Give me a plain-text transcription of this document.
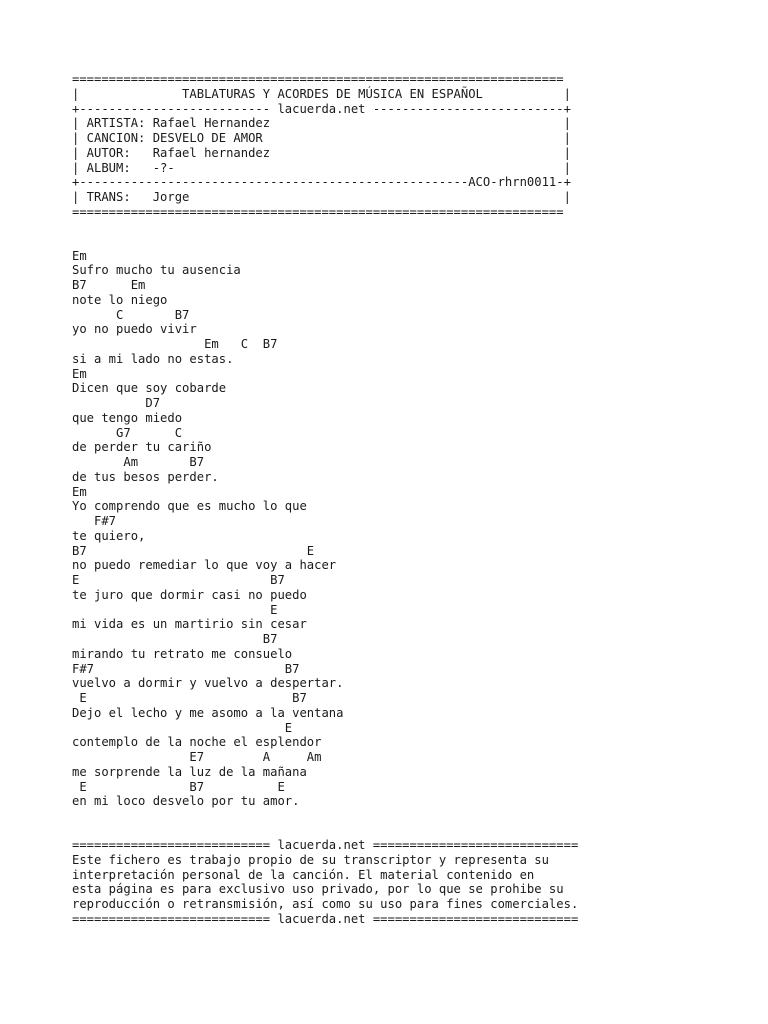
===================================================================
|              TABLATURAS Y ACORDES DE MÚSICA EN ESPAÑOL           |
+-------------------------- lacuerda.net --------------------------+
| ARTISTA: Rafael Hernandez                                        |
| CANCION: DESVELO DE AMOR                                         |
| AUTOR:   Rafael hernandez                                        |
| ALBUM:   -?-                                                     |
+-----------------------------------------------------ACO-rhrn0011-+
| TRANS:   Jorge                                                   |
===================================================================
Em
Sufro mucho tu ausencia
B7      Em
note lo niego
C       B7
yo no puedo vivir
Em   C  B7
si a mi lado no estas.
Em
Dicen que soy cobarde
D7
que tengo miedo
G7      C
de perder tu cariño
Am       B7
de tus besos perder.
Em
Yo comprendo que es mucho lo que
F#7
te quiero,
B7                              E
no puedo remediar lo que voy a hacer
E                          B7
te juro que dormir casi no puedo
E
mi vida es un martirio sin cesar
B7
mirando tu retrato me consuelo
F#7                          B7
vuelvo a dormir y vuelvo a despertar.
E                            B7
Dejo el lecho y me asomo a la ventana
E
contemplo de la noche el esplendor
E7        A     Am
me sorprende la luz de la mañana
E              B7          E
en mi loco desvelo por tu amor.
=========================== lacuerda.net ============================
Este fichero es trabajo propio de su transcriptor y representa su
interpretación personal de la canción. El material contenido en
esta página es para exclusivo uso privado, por lo que se prohibe su
reproducción o retransmisión, así como su uso para fines comerciales.
=========================== lacuerda.net ============================
